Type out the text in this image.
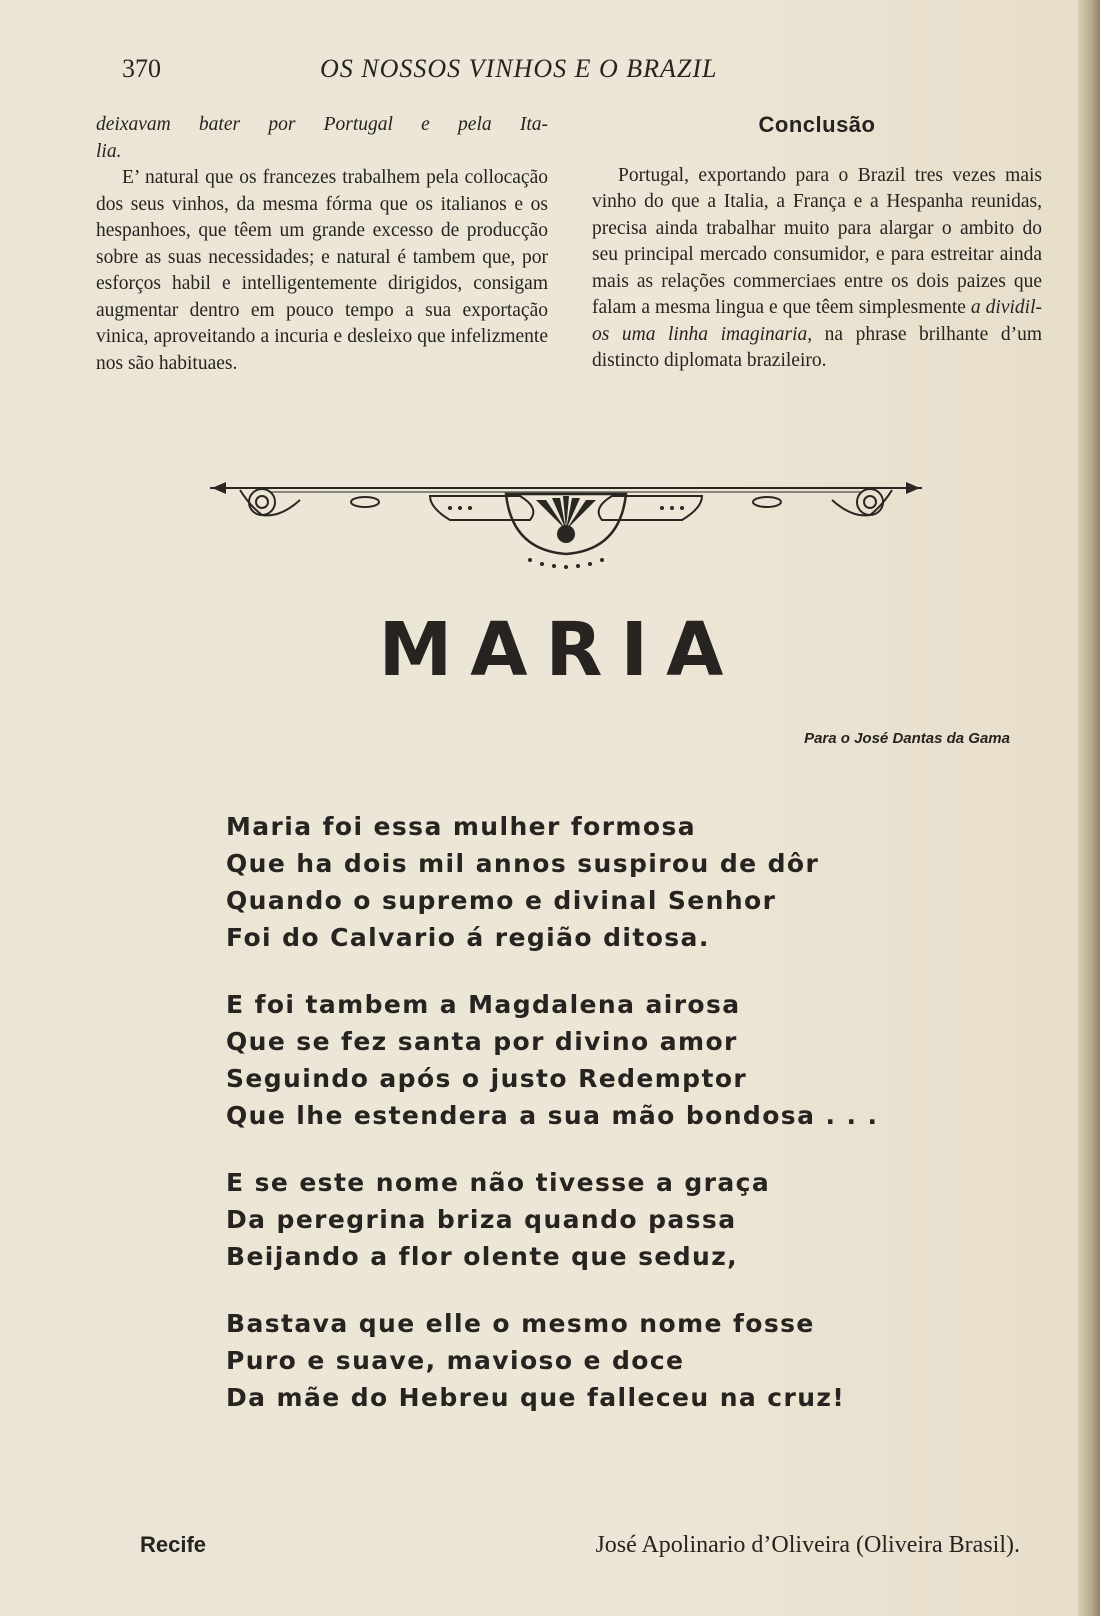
370	OS NOSSOS VINHOS E O BRAZIL

deixavam bater por Portugal e pela Ita-

lia.

E’ natural que os francezes trabalhem pela collocação dos seus vinhos, da mesma fórma que os italianos e os hespanhoes, que têem um grande excesso de producção sobre as suas necessidades; e natural é tambem que, por esforços habil e intelligentemente dirigidos, consigam augmentar dentro em pouco tempo a sua exportação vinica, aproveitando a incuria e desleixo que infelizmente nos são habituaes.

Conclusão

Portugal, exportando para o Brazil tres vezes mais vinho do que a Italia, a França e a Hespanha reunidas, precisa ainda trabalhar muito para alargar o ambito do seu principal mercado consumidor, e para estreitar ainda mais as relações commerciaes entre os dois paizes que falam a mesma lingua e que têem simplesmente a dividil-os uma linha imaginaria, na phrase brilhante d’um distincto diplomata brazileiro.

MARIA
Para o José Dantas da Gama
Maria foi essa mulher formosa
Que ha dois mil annos suspirou de dôr
Quando o supremo e divinal Senhor
Foi do Calvario á região ditosa.
E foi tambem a Magdalena airosa
Que se fez santa por divino amor
Seguindo após o justo Redemptor
Que lhe estendera a sua mão bondosa . . .
E se este nome não tivesse a graça
Da peregrina briza quando passa
Beijando a flor olente que seduz,
Bastava que elle o mesmo nome fosse
Puro e suave, mavioso e doce
Da mãe do Hebreu que falleceu na cruz!
Recife	José Apolinario d’Oliveira (Oliveira Brasil).
